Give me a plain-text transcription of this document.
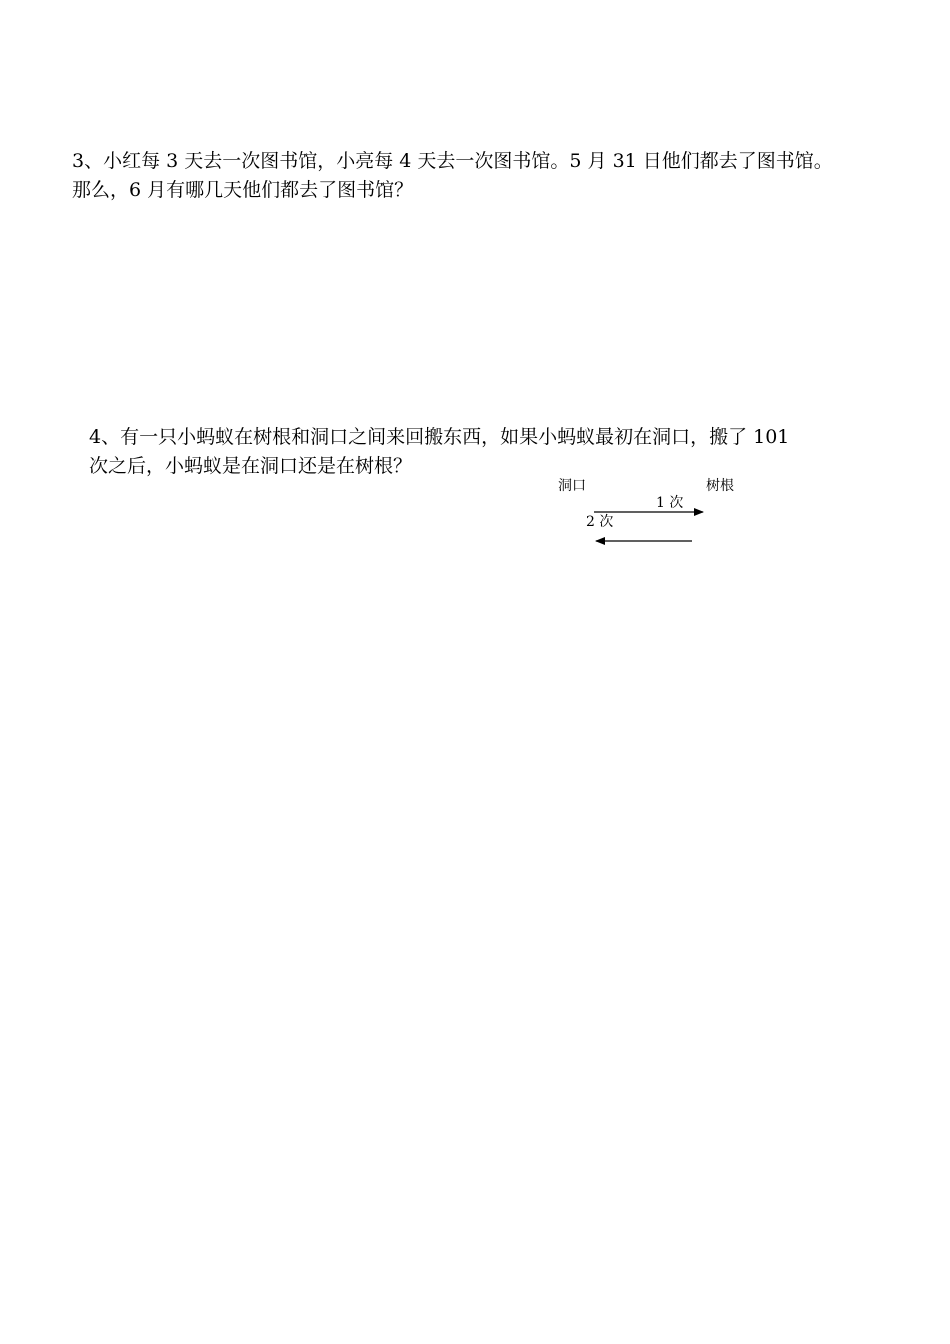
3、小红每 3 天去一次图书馆，小亮每 4 天去一次图书馆。5 月 31 日他们都去了图书馆。

那么，6 月有哪几天他们都去了图书馆？

4、有一只小蚂蚁在树根和洞口之间来回搬东西，如果小蚂蚁最初在洞口，搬了 101

次之后，小蚂蚁是在洞口还是在树根？

洞口	树根
1 次
2 次
